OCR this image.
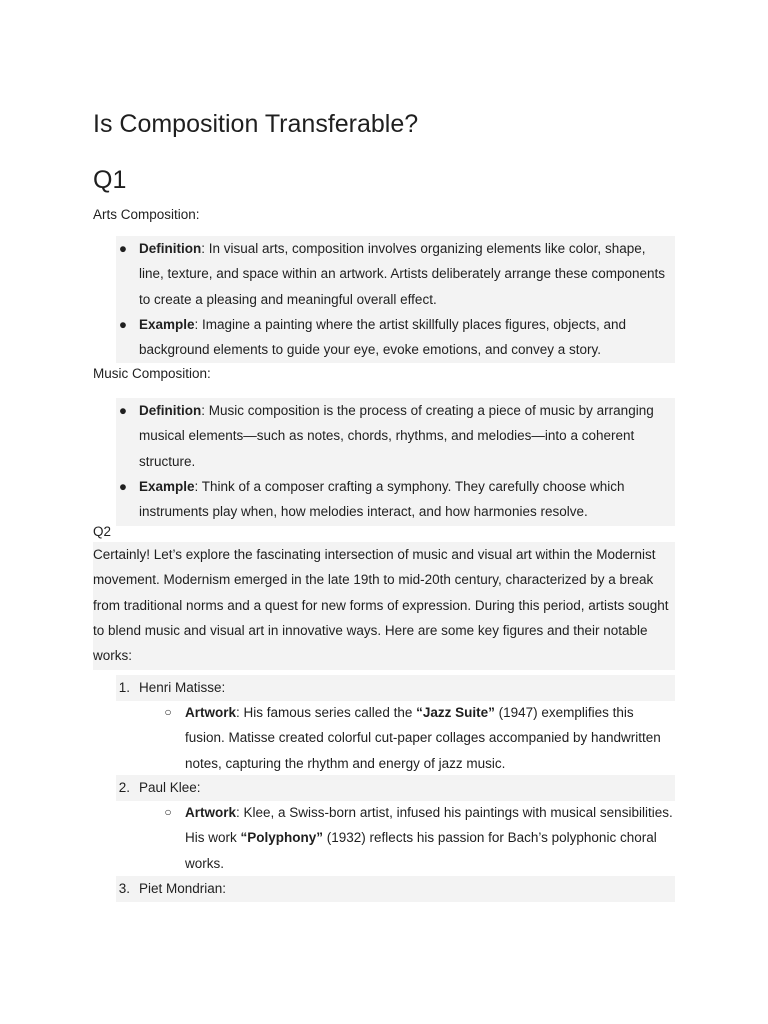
Is Composition Transferable?
Q1
Arts Composition:
● Definition: In visual arts, composition involves organizing elements like color, shape, line, texture, and space within an artwork. Artists deliberately arrange these components to create a pleasing and meaningful overall effect.
● Example: Imagine a painting where the artist skillfully places figures, objects, and background elements to guide your eye, evoke emotions, and convey a story.
Music Composition:
● Definition: Music composition is the process of creating a piece of music by arranging musical elements—such as notes, chords, rhythms, and melodies—into a coherent structure.
● Example: Think of a composer crafting a symphony. They carefully choose which instruments play when, how melodies interact, and how harmonies resolve.
Q2
Certainly! Let’s explore the fascinating intersection of music and visual art within the Modernist movement. Modernism emerged in the late 19th to mid-20th century, characterized by a break from traditional norms and a quest for new forms of expression. During this period, artists sought to blend music and visual art in innovative ways. Here are some key figures and their notable works:
1. Henri Matisse:
○ Artwork: His famous series called the “Jazz Suite” (1947) exemplifies this fusion. Matisse created colorful cut-paper collages accompanied by handwritten notes, capturing the rhythm and energy of jazz music.
2. Paul Klee:
○ Artwork: Klee, a Swiss-born artist, infused his paintings with musical sensibilities. His work “Polyphony” (1932) reflects his passion for Bach’s polyphonic choral works.
3. Piet Mondrian:
